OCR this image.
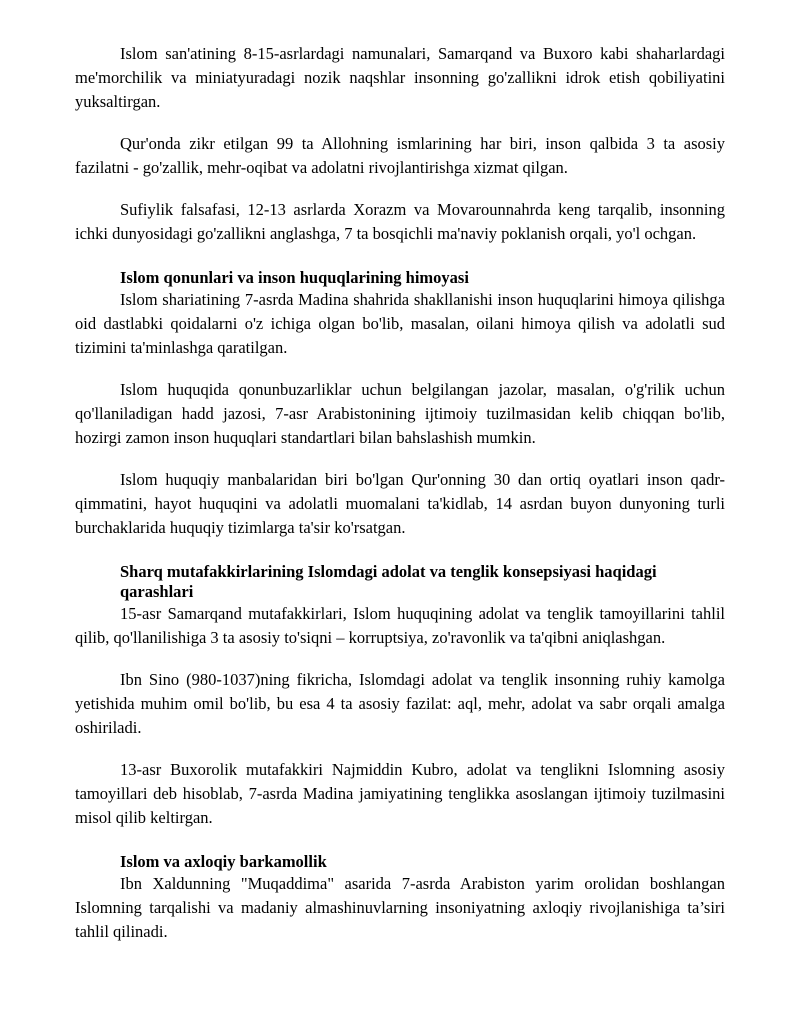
Islom san'atining 8-15-asrlardagi namunalari, Samarqand va Buxoro kabi shaharlardagi me'morchilik va miniatyuradagi nozik naqshlar insonning go'zallikni idrok etish qobiliyatini yuksaltirgan.

Qur'onda zikr etilgan 99 ta Allohning ismlarining har biri, inson qalbida 3 ta asosiy fazilatni - go'zallik, mehr-oqibat va adolatni rivojlantirishga xizmat qilgan.

Sufiylik falsafasi, 12-13 asrlarda Xorazm va Movarounnahrda keng tarqalib, insonning ichki dunyosidagi go'zallikni anglashga, 7 ta bosqichli ma'naviy poklanish orqali, yo'l ochgan.

Islom qonunlari va inson huquqlarining himoyasi

Islom shariatining 7-asrda Madina shahrida shakllanishi inson huquqlarini himoya qilishga oid dastlabki qoidalarni o'z ichiga olgan bo'lib, masalan, oilani himoya qilish va adolatli sud tizimini ta'minlashga qaratilgan.

Islom huquqida qonunbuzarliklar uchun belgilangan jazolar, masalan, o'g'rilik uchun qo'llaniladigan hadd jazosi, 7-asr Arabistonining ijtimoiy tuzilmasidan kelib chiqqan bo'lib, hozirgi zamon inson huquqlari standartlari bilan bahslashish mumkin.

Islom huquqiy manbalaridan biri bo'lgan Qur'onning 30 dan ortiq oyatlari inson qadr-qimmatini, hayot huquqini va adolatli muomalani ta'kidlab, 14 asrdan buyon dunyoning turli burchaklarida huquqiy tizimlarga ta'sir ko'rsatgan.

Sharq mutafakkirlarining Islomdagi adolat va tenglik konsepsiyasi haqidagi qarashlari

15-asr Samarqand mutafakkirlari, Islom huquqining adolat va tenglik tamoyillarini tahlil qilib, qo'llanilishiga 3 ta asosiy to'siqni – korruptsiya, zo'ravonlik va ta'qibni aniqlashgan.

Ibn Sino (980-1037)ning fikricha, Islomdagi adolat va tenglik insonning ruhiy kamolga yetishida muhim omil bo'lib, bu esa 4 ta asosiy fazilat: aql, mehr, adolat va sabr orqali amalga oshiriladi.

13-asr Buxorolik mutafakkiri Najmiddin Kubro, adolat va tenglikni Islomning asosiy tamoyillari deb hisoblab, 7-asrda Madina jamiyatining tenglikka asoslangan ijtimoiy tuzilmasini misol qilib keltirgan.

Islom va axloqiy barkamollik

Ibn Xaldunning "Muqaddima" asarida 7-asrda Arabiston yarim orolidan boshlangan Islomning tarqalishi va madaniy almashinuvlarning insoniyatning axloqiy rivojlanishiga ta’siri tahlil qilinadi.
